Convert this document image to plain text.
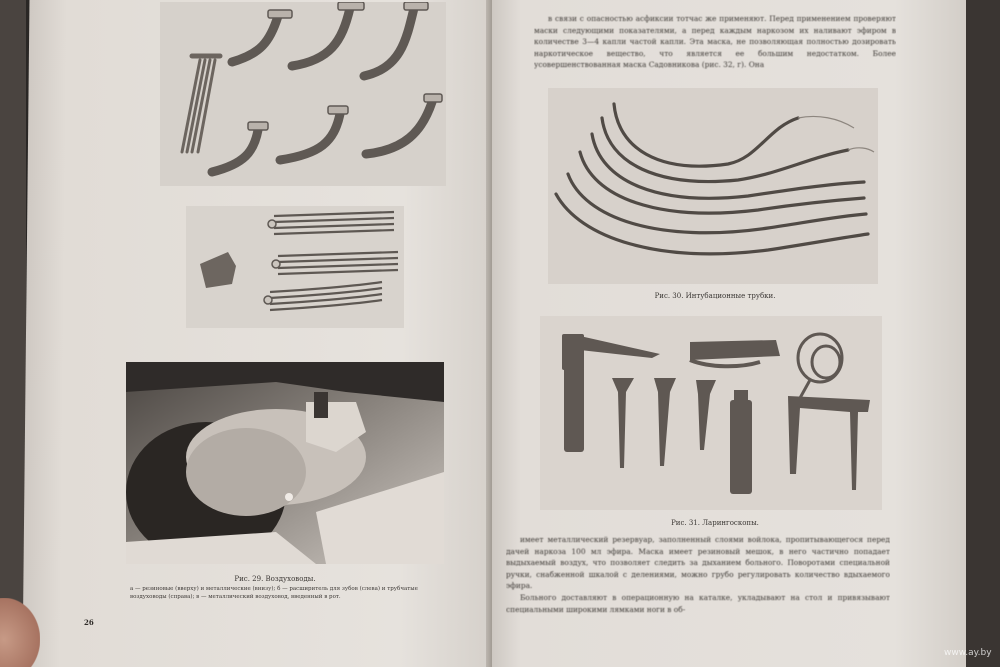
Рис. 29. Воздуховоды.
а — резиновые (вверху) и металлические (внизу); б — расширитель для зубов (слева) и трубчатые воздуховоды (справа); в — металлический воздуховод, введенный в рот.
26
в связи с опасностью асфиксии тотчас же применяют. Перед применением проверяют маски следующими показателями, а перед каждым наркозом их наливают эфиром в количестве 3—4 капли частой капли. Эта маска, не позволяющая полностью дозировать наркотическое вещество, что является ее большим недостатком. Более усовершенствованная маска Садовникова (рис. 32, г). Она
Рис. 30. Интубационные трубки.
Рис. 31. Ларингоскопы.
имеет металлический резервуар, заполненный слоями войлока, пропитывающегося перед дачей наркоза 100 мл эфира. Маска имеет резиновый мешок, в него частично попадает выдыхаемый воздух, что позволяет следить за дыханием больного. Поворотами специальной ручки, снабженной шкалой с делениями, можно грубо регулировать количество вдыхаемого эфира.
Больного доставляют в операционную на каталке, укладывают на стол и привязывают специальными широкими лямками ноги в об-
www.ay.by
